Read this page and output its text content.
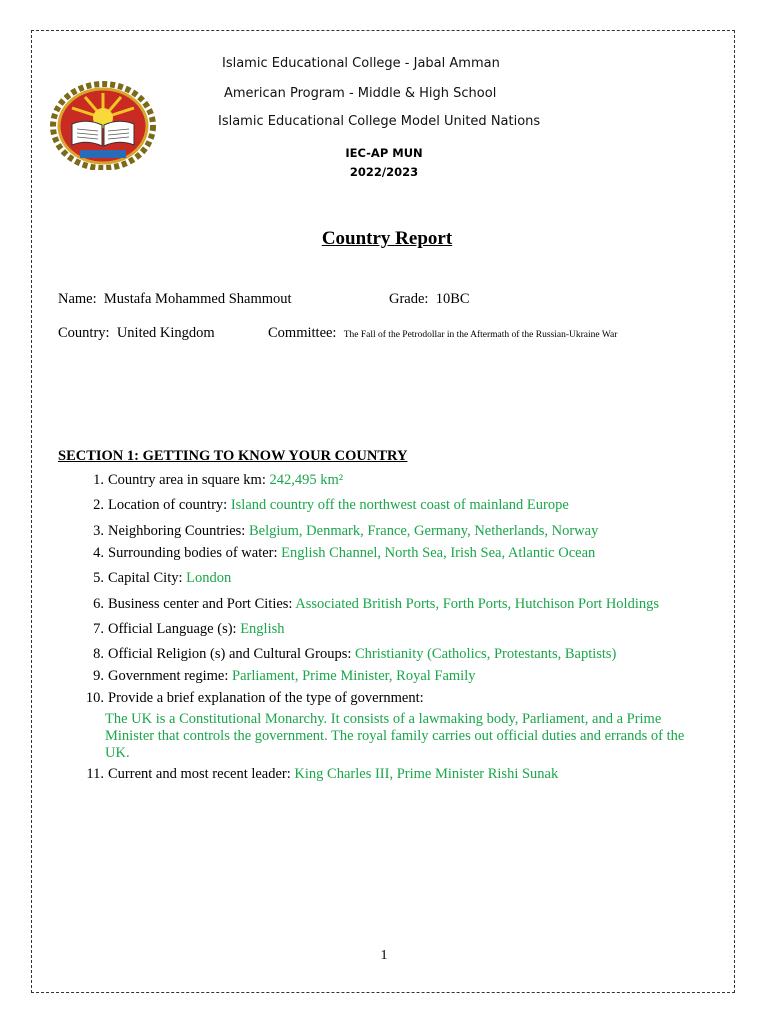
Islamic Educational College - Jabal Amman
American Program - Middle & High School
Islamic Educational College Model United Nations
IEC-AP MUN
2022/2023
Country Report
Name: Mustafa Mohammed Shammout	Grade: 10BC
Country: United Kingdom	Committee: The Fall of the Petrodollar in the Aftermath of the Russian-Ukraine War
SECTION 1: GETTING TO KNOW YOUR COUNTRY
1. Country area in square km: 242,495 km²
2. Location of country: Island country off the northwest coast of mainland Europe
3. Neighboring Countries: Belgium, Denmark, France, Germany, Netherlands, Norway
4. Surrounding bodies of water: English Channel, North Sea, Irish Sea, Atlantic Ocean
5. Capital City: London
6. Business center and Port Cities: Associated British Ports, Forth Ports, Hutchison Port Holdings
7. Official Language (s): English
8. Official Religion (s) and Cultural Groups: Christianity (Catholics, Protestants, Baptists)
9. Government regime: Parliament, Prime Minister, Royal Family
10. Provide a brief explanation of the type of government:
The UK is a Constitutional Monarchy. It consists of a lawmaking body, Parliament, and a Prime Minister that controls the government. The royal family carries out official duties and errands of the UK.
11. Current and most recent leader: King Charles III, Prime Minister Rishi Sunak
1
